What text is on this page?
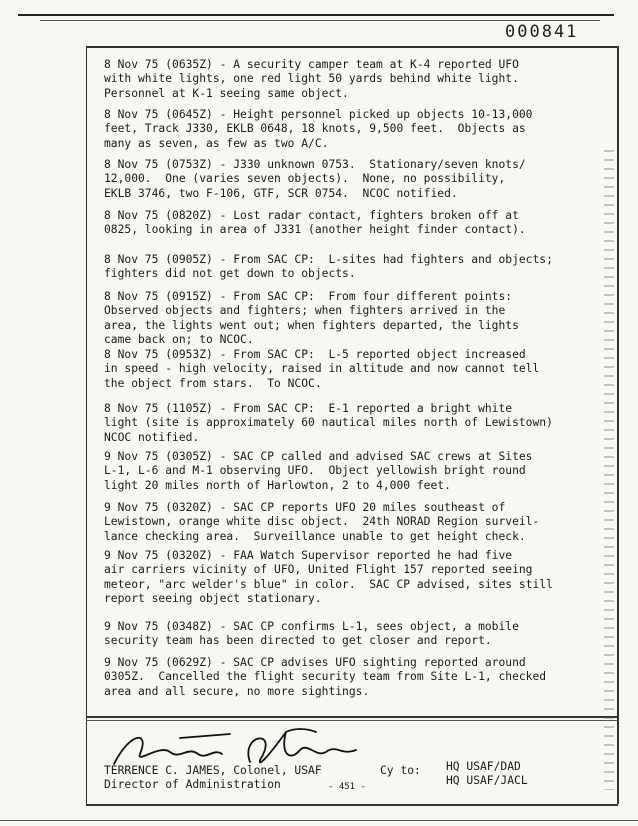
000841

8 Nov 75 (0635Z) - A security camper team at K-4 reported UFO
with white lights, one red light 50 yards behind white light.
Personnel at K-1 seeing same object.

8 Nov 75 (0645Z) - Height personnel picked up objects 10-13,000
feet, Track J330, EKLB 0648, 18 knots, 9,500 feet.  Objects as
many as seven, as few as two A/C.

8 Nov 75 (0753Z) - J330 unknown 0753.  Stationary/seven knots/
12,000.  One (varies seven objects).  None, no possibility,
EKLB 3746, two F-106, GTF, SCR 0754.  NCOC notified.

8 Nov 75 (0820Z) - Lost radar contact, fighters broken off at
0825, looking in area of J331 (another height finder contact).

8 Nov 75 (0905Z) - From SAC CP:  L-sites had fighters and objects;
fighters did not get down to objects.

8 Nov 75 (0915Z) - From SAC CP:  From four different points:
Observed objects and fighters; when fighters arrived in the
area, the lights went out; when fighters departed, the lights
came back on; to NCOC.

8 Nov 75 (0953Z) - From SAC CP:  L-5 reported object increased
in speed - high velocity, raised in altitude and now cannot tell
the object from stars.  To NCOC.

8 Nov 75 (1105Z) - From SAC CP:  E-1 reported a bright white
light (site is approximately 60 nautical miles north of Lewistown)
NCOC notified.

9 Nov 75 (0305Z) - SAC CP called and advised SAC crews at Sites
L-1, L-6 and M-1 observing UFO.  Object yellowish bright round
light 20 miles north of Harlowton, 2 to 4,000 feet.

9 Nov 75 (0320Z) - SAC CP reports UFO 20 miles southeast of
Lewistown, orange white disc object.  24th NORAD Region surveil-
lance checking area.  Surveillance unable to get height check.

9 Nov 75 (0320Z) - FAA Watch Supervisor reported he had five
air carriers vicinity of UFO, United Flight 157 reported seeing
meteor, "arc welder's blue" in color.  SAC CP advised, sites still
report seeing object stationary.

9 Nov 75 (0348Z) - SAC CP confirms L-1, sees object, a mobile
security team has been directed to get closer and report.

9 Nov 75 (0629Z) - SAC CP advises UFO sighting reported around
0305Z.  Cancelled the flight security team from Site L-1, checked
area and all secure, no more sightings.

TERRENCE C. JAMES, Colonel, USAF
Director of Administration	- 451 -
Cy to: HQ USAF/DAD
HQ USAF/JACL
